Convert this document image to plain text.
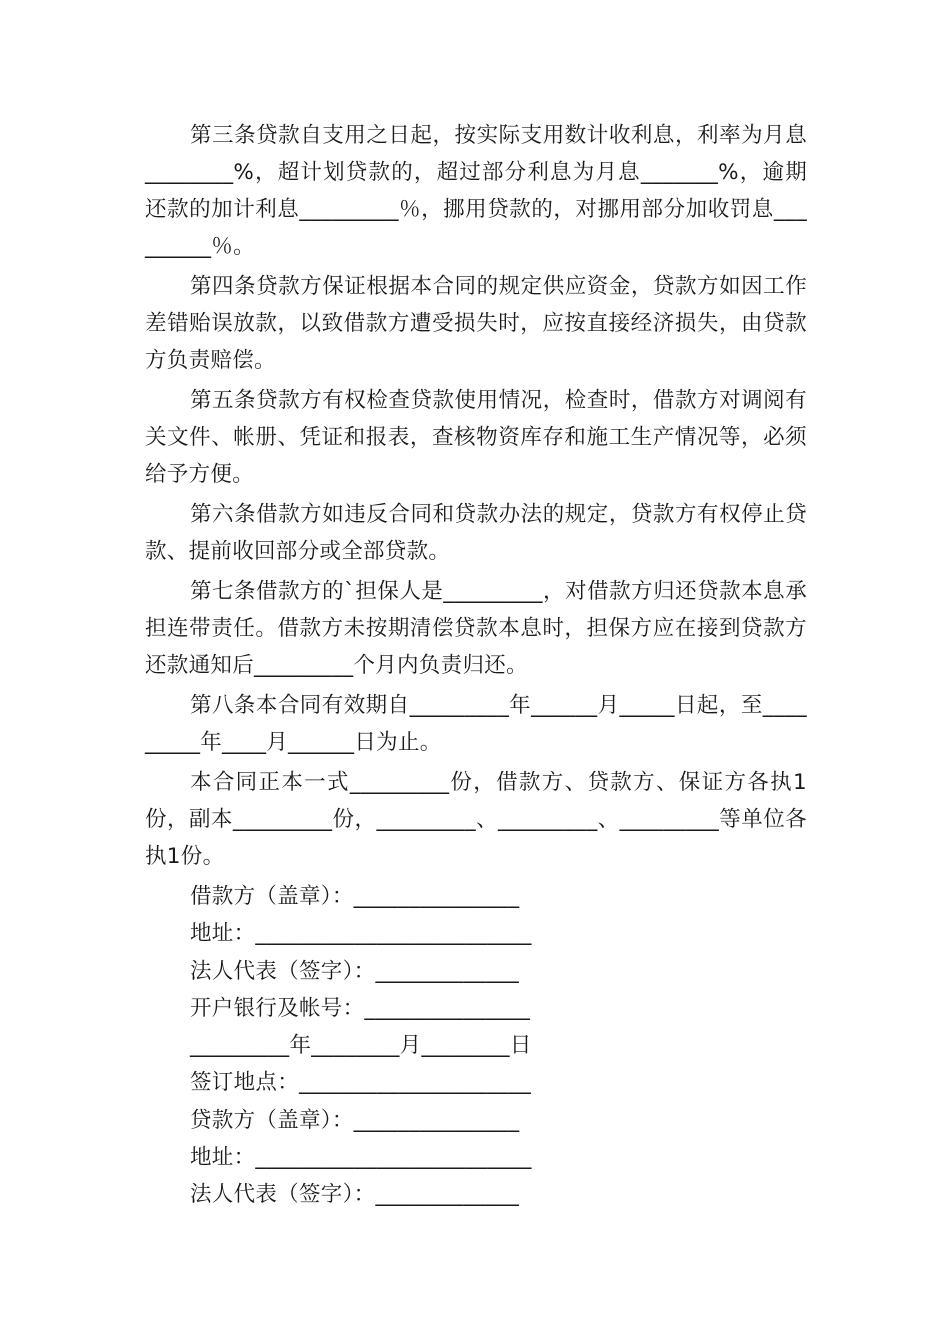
第三条贷款自支用之日起，按实际支用数计收利息，利率为月息________%，超计划贷款的，超过部分利息为月息_______%，逾期还款的加计利息_________％，挪用贷款的，对挪用部分加收罚息_________％。

第四条贷款方保证根据本合同的规定供应资金，贷款方如因工作差错贻误放款，以致借款方遭受损失时，应按直接经济损失，由贷款方负责赔偿。

第五条贷款方有权检查贷款使用情况，检查时，借款方对调阅有关文件、帐册、凭证和报表，查核物资库存和施工生产情况等，必须给予方便。

第六条借款方如违反合同和贷款办法的规定，贷款方有权停止贷款、提前收回部分或全部贷款。

第七条借款方的`担保人是_________，对借款方归还贷款本息承担连带责任。借款方未按期清偿贷款本息时，担保方应在接到贷款方还款通知后_________个月内负责归还。

第八条本合同有效期自_________年______月_____日起，至_________年____月______日为止。

本合同正本一式_________份，借款方、贷款方、保证方各执1份，副本_________份，_________、_________、_________等单位各执1份。

借款方（盖章）：_______________

地址：_________________________

法人代表（签字）：_____________

开户银行及帐号：_______________

_________年________月________日

签订地点：_____________________

贷款方（盖章）：_______________

地址：_________________________

法人代表（签字）：_____________
